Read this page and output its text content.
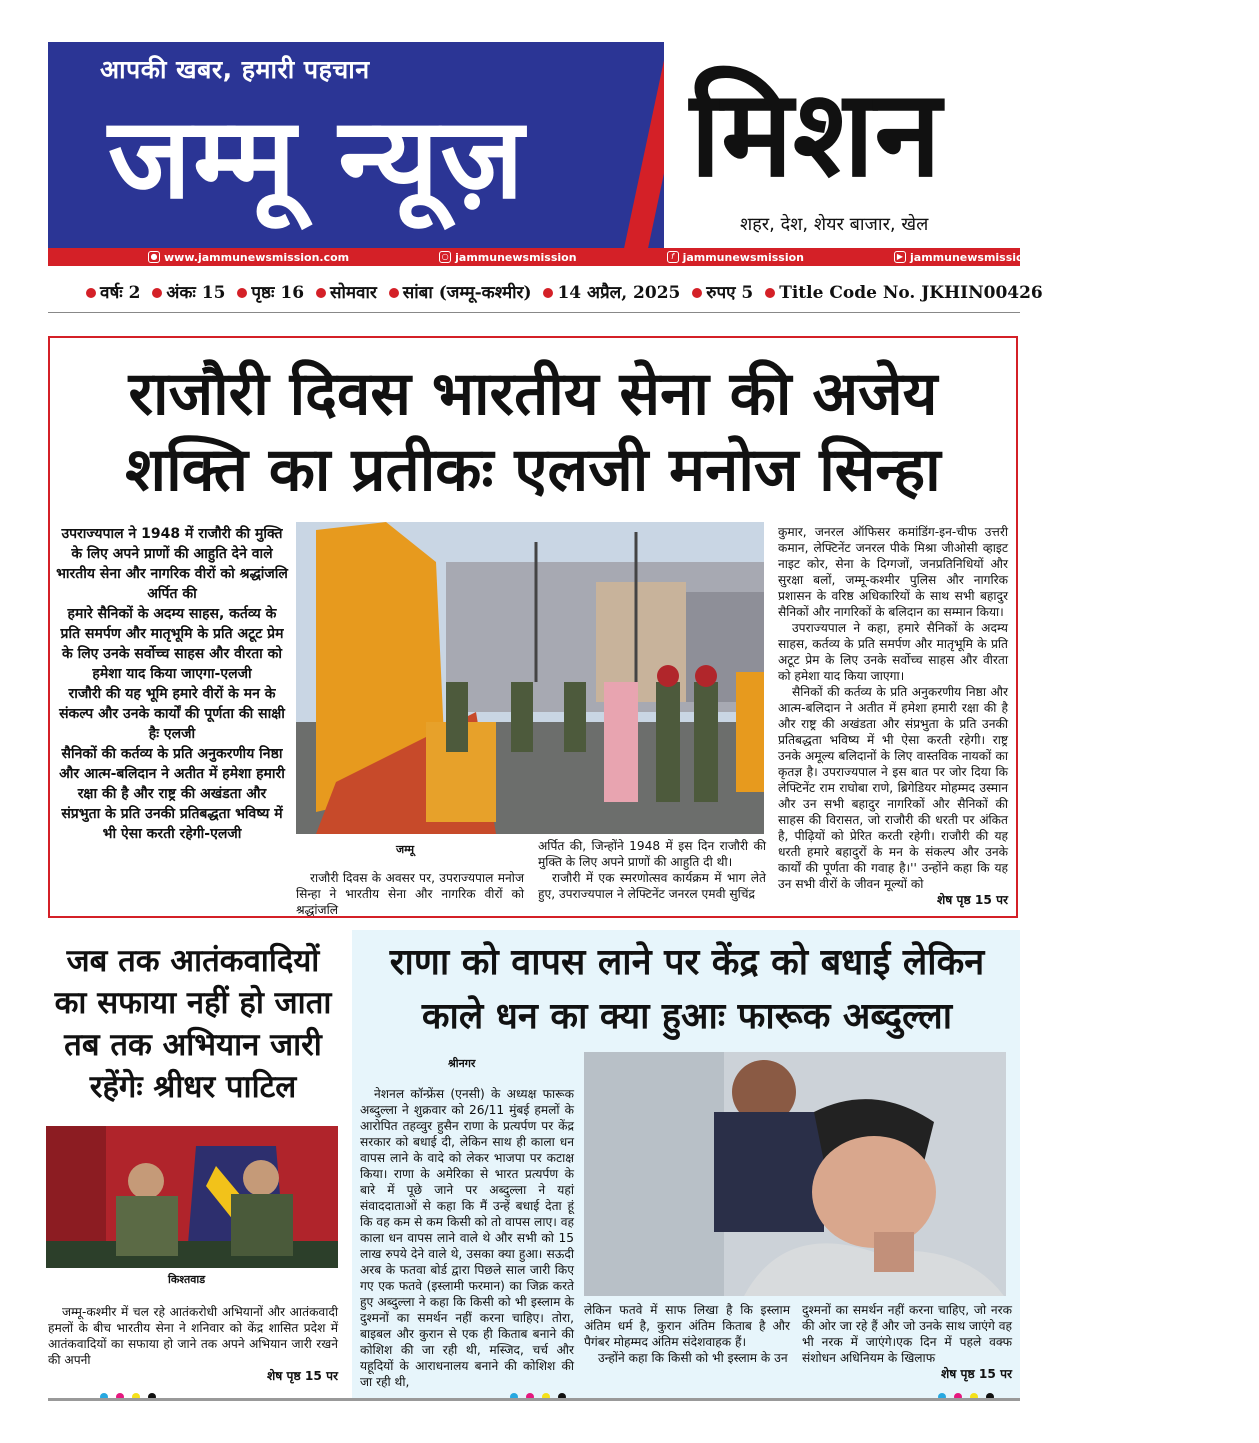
आपकी खबर, हमारी पहचान
जम्मू न्यूज़ मिशन
शहर, देश, शेयर बाजार, खेल
● www.jammunewsmission.com	○ jammunewsmission	f jammunewsmission	▶ jammunewsmission	t jammunewsmission
वर्षः 2 अंकः 15 पृष्ठः 16 सोमवार सांबा (जम्मू-कश्मीर) 14 अप्रैल, 2025 रुपए 5 Title Code No. JKHIN00426
राजौरी दिवस भारतीय सेना की अजेय
शक्ति का प्रतीकः एलजी मनोज सिन्हा
उपराज्यपाल ने 1948 में राजौरी की मुक्ति के लिए अपने प्राणों की आहुति देने वाले भारतीय सेना और नागरिक वीरों को श्रद्धांजलि अर्पित की
हमारे सैनिकों के अदम्य साहस, कर्तव्य के प्रति समर्पण और मातृभूमि के प्रति अटूट प्रेम के लिए उनके सर्वोच्च साहस और वीरता को हमेशा याद किया जाएगा-एलजी
राजौरी की यह भूमि हमारे वीरों के मन के संकल्प और उनके कार्यों की पूर्णता की साक्षी हैः एलजी
सैनिकों की कर्तव्य के प्रति अनुकरणीय निष्ठा और आत्म-बलिदान ने अतीत में हमेशा हमारी रक्षा की है और राष्ट्र की अखंडता और संप्रभुता के प्रति उनकी प्रतिबद्धता भविष्य में भी ऐसा करती रहेगी-एलजी
जम्मू

राजौरी दिवस के अवसर पर, उपराज्यपाल मनोज सिन्हा ने भारतीय सेना और नागरिक वीरों को श्रद्धांजलि

अर्पित की, जिन्होंने 1948 में इस दिन राजौरी की मुक्ति के लिए अपने प्राणों की आहुति दी थी।

राजौरी में एक स्मरणोत्सव कार्यक्रम में भाग लेते हुए, उपराज्यपाल ने लेफ्टिनेंट जनरल एमवी सुचिंद्र

कुमार, जनरल ऑफिसर कमांडिंग-इन-चीफ उत्तरी कमान, लेफ्टिनेंट जनरल पीके मिश्रा जीओसी व्हाइट नाइट कोर, सेना के दिग्गजों, जनप्रतिनिधियों और सुरक्षा बलों, जम्मू-कश्मीर पुलिस और नागरिक प्रशासन के वरिष्ठ अधिकारियों के साथ सभी बहादुर सैनिकों और नागरिकों के बलिदान का सम्मान किया।

उपराज्यपाल ने कहा, हमारे सैनिकों के अदम्य साहस, कर्तव्य के प्रति समर्पण और मातृभूमि के प्रति अटूट प्रेम के लिए उनके सर्वोच्च साहस और वीरता को हमेशा याद किया जाएगा।

सैनिकों की कर्तव्य के प्रति अनुकरणीय निष्ठा और आत्म-बलिदान ने अतीत में हमेशा हमारी रक्षा की है और राष्ट्र की अखंडता और संप्रभुता के प्रति उनकी प्रतिबद्धता भविष्य में भी ऐसा करती रहेगी। राष्ट्र उनके अमूल्य बलिदानों के लिए वास्तविक नायकों का कृतज्ञ है। उपराज्यपाल ने इस बात पर जोर दिया कि लेफ्टिनेंट राम राघोबा राणे, ब्रिगेडियर मोहम्मद उस्मान और उन सभी बहादुर नागरिकों और सैनिकों की साहस की विरासत, जो राजौरी की धरती पर अंकित है, पीढ़ियों को प्रेरित करती रहेगी। राजौरी की यह धरती हमारे बहादुरों के मन के संकल्प और उनके कार्यों की पूर्णता की गवाह है।'' उन्होंने कहा कि यह उन सभी वीरों के जीवन मूल्यों को

शेष पृष्ठ 15 पर
जब तक आतंकवादियों का सफाया नहीं हो जाता तब तक अभियान जारी रहेंगेः श्रीधर पाटिल
किश्तवाड

जम्मू-कश्मीर में चल रहे आतंकरोधी अभियानों और आतंकवादी हमलों के बीच भारतीय सेना ने शनिवार को केंद्र शासित प्रदेश में आतंकवादियों का सफाया हो जाने तक अपने अभियान जारी रखने की अपनी

शेष पृष्ठ 15 पर
राणा को वापस लाने पर केंद्र को बधाई लेकिन
काले धन का क्या हुआः फारूक अब्दुल्ला
श्रीनगर

नेशनल कॉन्फ्रेंस (एनसी) के अध्यक्ष फारूक अब्दुल्ला ने शुक्रवार को 26/11 मुंबई हमलों के आरोपित तहव्वुर हुसैन राणा के प्रत्यर्पण पर केंद्र सरकार को बधाई दी, लेकिन साथ ही काला धन वापस लाने के वादे को लेकर भाजपा पर कटाक्ष किया। राणा के अमेरिका से भारत प्रत्यर्पण के बारे में पूछे जाने पर अब्दुल्ला ने यहां संवाददाताओं से कहा कि मैं उन्हें बधाई देता हूं कि वह कम से कम किसी को तो वापस लाए। वह काला धन वापस लाने वाले थे और सभी को 15 लाख रुपये देने वाले थे, उसका क्या हुआ। सऊदी अरब के फतवा बोर्ड द्वारा पिछले साल जारी किए गए एक फतवे (इस्लामी फरमान) का जिक्र करते हुए अब्दुल्ला ने कहा कि किसी को भी इस्लाम के दुश्मनों का समर्थन नहीं करना चाहिए। तोरा, बाइबल और कुरान से एक ही किताब बनाने की कोशिश की जा रही थी, मस्जिद, चर्च और यहूदियों के आराधनालय बनाने की कोशिश की जा रही थी,

लेकिन फतवे में साफ लिखा है कि इस्लाम अंतिम धर्म है, कुरान अंतिम किताब है और पैगंबर मोहम्मद अंतिम संदेशवाहक हैं।

उन्होंने कहा कि किसी को भी इस्लाम के उन

दुश्मनों का समर्थन नहीं करना चाहिए, जो नरक की ओर जा रहे हैं और जो उनके साथ जाएंगे वह भी नरक में जाएंगे।एक दिन में पहले वक्फ संशोधन अधिनियम के खिलाफ

शेष पृष्ठ 15 पर
